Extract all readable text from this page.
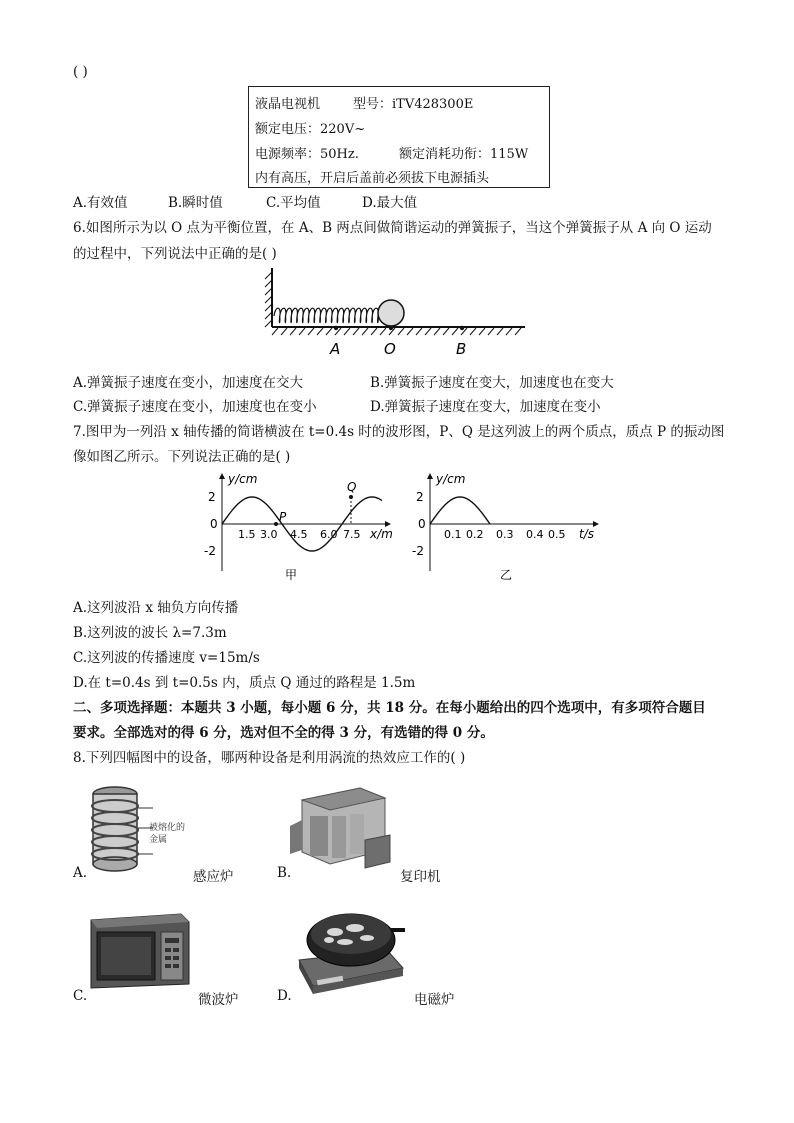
( )
液晶电视机	型号：iTV428300E
额定电压：220V~
电源频率：50Hz.	额定消耗功衔：115W
内有高压，开启后盖前必须拔下电源插头
A.有效值	B.瞬时值	C.平均值	D.最大值
6.如图所示为以 O 点为平衡位置，在 A、B 两点间做简谐运动的弹簧振子，当这个弹簧振子从 A 向 O 运动
的过程中，下列说法中正确的是( )
A	O	B
A.弹簧振子速度在变小，加速度在交大	B.弹簧振子速度在变大，加速度也在变大
C.弹簧振子速度在变小，加速度也在变小	D.弹簧振子速度在变大，加速度在变小
7.图甲为一列沿 x 轴传播的简谐横波在 t=0.4s 时的波形图，P、Q 是这列波上的两个质点，质点 P 的振动图
像如图乙所示。下列说法正确的是( )
y/cm
x/m
2
0
-2
P
Q
1.5 3.0 4.5 6.0 7.5
甲
y/cm
t/s
2
0
-2
0.1 0.2 0.3 0.4 0.5
乙
A.这列波沿 x 轴负方向传播
B.这列波的波长 λ=7.3m
C.这列波的传播速度 v=15m/s
D.在 t=0.4s 到 t=0.5s 内，质点 Q 通过的路程是 1.5m
二、多项选择题：本题共 3 小题，每小题 6 分，共 18 分。在每小题给出的四个选项中，有多项符合题目
要求。全部选对的得 6 分，选对但不全的得 3 分，有选错的得 0 分。
8.下列四幅图中的设备，哪两种设备是利用涡流的热效应工作的( )
被熔化的
金属
A.	感应炉	B.	复印机
C.	微波炉	D.	电磁炉
